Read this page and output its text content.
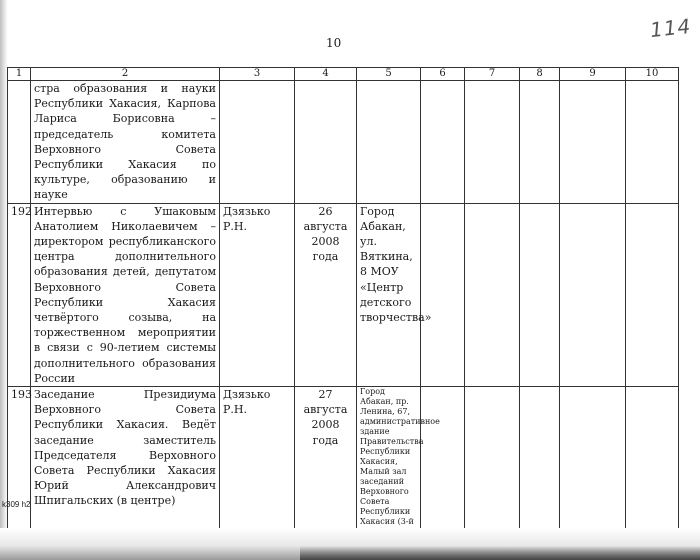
10
114
1	2	3	4	5	6	7	8	9	10
	стра образования и науки Республики Хакасия, Карпова Лариса Борисовна – председатель комитета Верховного Совета Республики Хакасия по культуре, образованию и науке								
192	Интервью с Ушаковым Анатолием Николаевичем – директором республиканского центра дополнительного образования детей, депутатом Верховного Совета Республики Хакасия четвёртого созыва, на торжественном мероприятии в связи с 90-летием системы дополнительного образования России	Дзязько Р.Н.	26 августа 2008 года	Город Абакан, ул. Вяткина, 8 МОУ «Центр детского творчества»					
193	Заседание Президиума Верховного Совета Республики Хакасия. Ведёт заседание заместитель Председателя Верховного Совета Республики Хакасия Юрий Александрович Шпигальских (в центре)	Дзязько Р.Н.	27 августа 2008 года	Город Абакан, пр. Ленина, 67, административное здание Правительства Республики Хакасия, Малый зал заседаний Верховного Совета Республики Хакасия (3-й					
k309 h2
